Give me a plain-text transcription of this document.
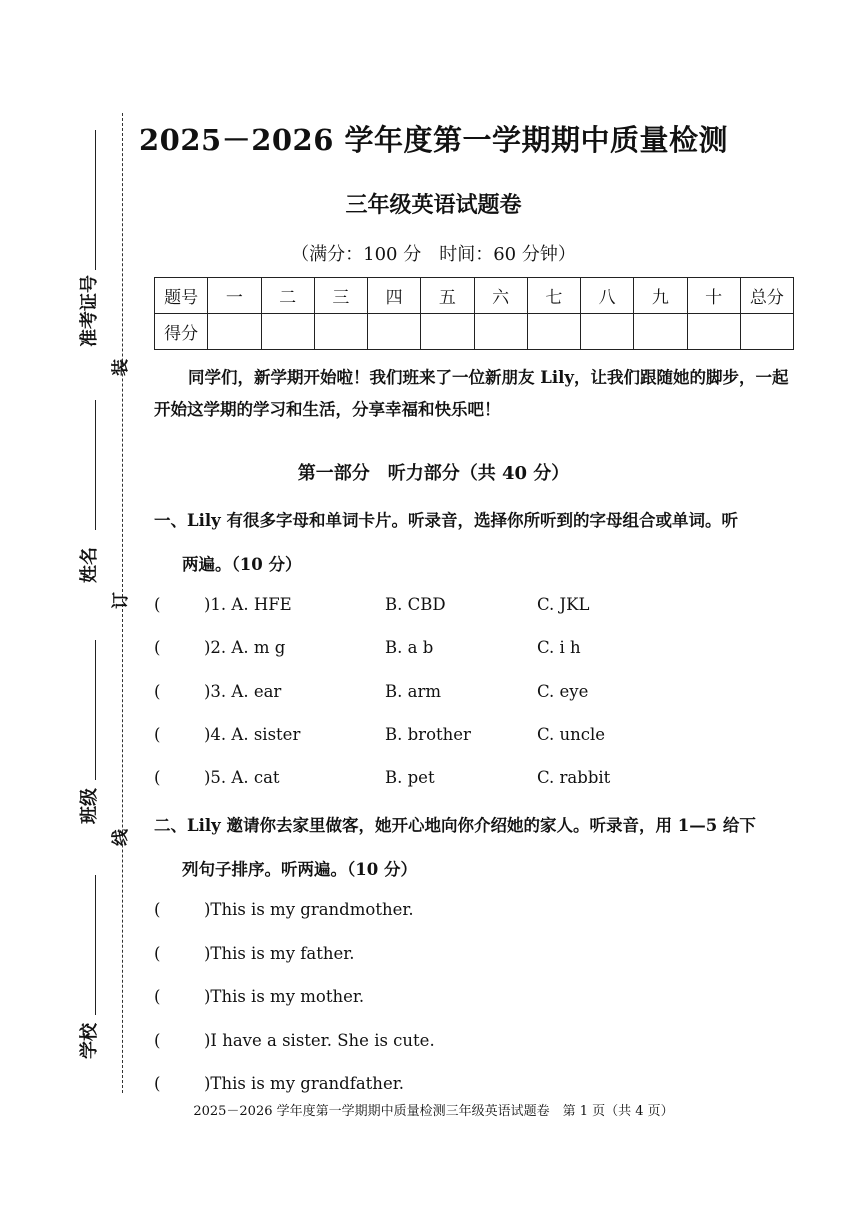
准考证号
姓名
班级
学校
装
订
线
2025－2026 学年度第一学期期中质量检测
三年级英语试题卷
（满分：100 分　时间：60 分钟）
题号	一	二	三	四	五	六	七	八	九	十	总分
得分											
同学们，新学期开始啦！我们班来了一位新朋友 Lily，让我们跟随她的脚步，一起开始这学期的学习和生活，分享幸福和快乐吧！
第一部分　听力部分（共 40 分）
一、Lily 有很多字母和单词卡片。听录音，选择你所听到的字母组合或单词。听
两遍。（10 分）
(	)1. A. HFE	B. CBD	C. JKL
(	)2. A. m g	B. a b	C. i h
(	)3. A. ear	B. arm	C. eye
(	)4. A. sister	B. brother	C. uncle
(	)5. A. cat	B. pet	C. rabbit
二、Lily 邀请你去家里做客，她开心地向你介绍她的家人。听录音，用 1—5 给下
列句子排序。听两遍。（10 分）
(	)This is my grandmother.
(	)This is my father.
(	)This is my mother.
(	)I have a sister. She is cute.
(	)This is my grandfather.
2025－2026 学年度第一学期期中质量检测三年级英语试题卷　第 1 页（共 4 页）
